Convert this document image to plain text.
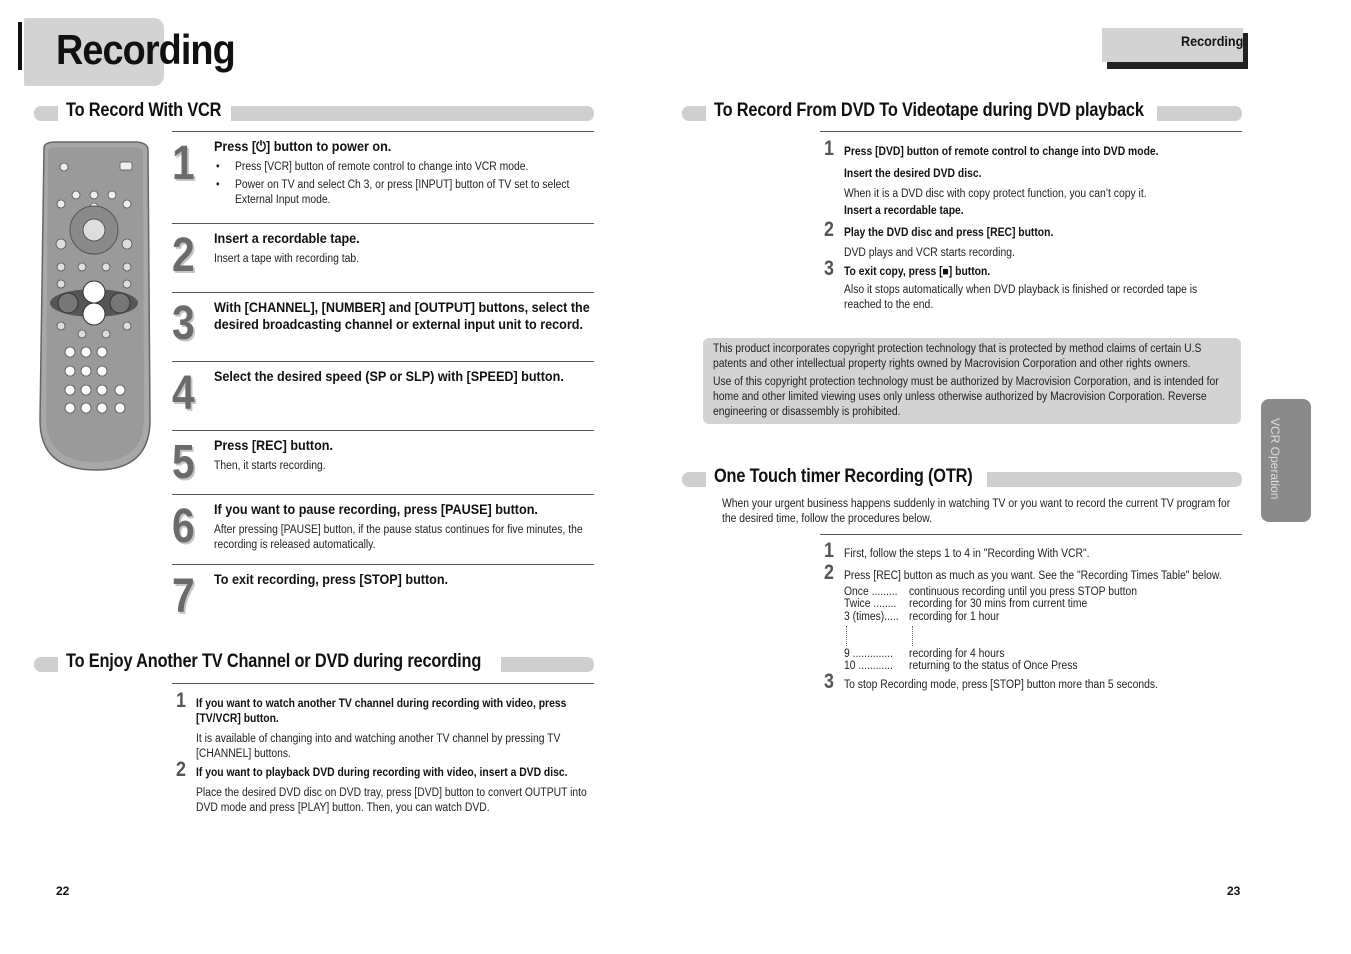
Recording	Recording
VCR Operation
To Record With VCR
1 Press [⏻] button to power on.
• Press [VCR] button of remote control to change into VCR mode.
• Power on TV and select Ch 3, or press [INPUT] button of TV set to select External Input mode.
2 Insert a recordable tape.
Insert a tape with recording tab.
3 With [CHANNEL], [NUMBER] and [OUTPUT] buttons, select the desired broadcasting channel or external input unit to record.
4 Select the desired speed (SP or SLP) with [SPEED] button.
5 Press [REC] button.
Then, it starts recording.
6 If you want to pause recording, press [PAUSE] button.
After pressing [PAUSE] button, if the pause status continues for five minutes, the recording is released automatically.
7 To exit recording, press [STOP] button.
To Enjoy Another TV Channel or DVD during recording
1 If you want to watch another TV channel during recording with video, press [TV/VCR] button.
It is available of changing into and watching another TV channel by pressing TV [CHANNEL] buttons.
2 If you want to playback DVD during recording with video, insert a DVD disc.
Place the desired DVD disc on DVD tray, press [DVD] button to convert OUTPUT into DVD mode and press [PLAY] button. Then, you can watch DVD.
22
To Record From DVD To Videotape during DVD playback
1 Press [DVD] button of remote control to change into DVD mode.
Insert the desired DVD disc.
When it is a DVD disc with copy protect function, you can’t copy it.
Insert a recordable tape.
2 Play the DVD disc and press [REC] button.
DVD plays and VCR starts recording.
3 To exit copy, press [■] button.
Also it stops automatically when DVD playback is finished or recorded tape is reached to the end.
This product incorporates copyright protection technology that is protected by method claims of certain U.S patents and other intellectual property rights owned by Macrovision Corporation and other rights owners.
Use of this copyright protection technology must be authorized by Macrovision Corporation, and is intended for home and other limited viewing uses only unless otherwise authorized by Macrovision Corporation. Reverse engineering or disassembly is prohibited.
One Touch timer Recording (OTR)
When your urgent business happens suddenly in watching TV or you want to record the current TV program for the desired time, follow the procedures below.
1 First, follow the steps 1 to 4 in "Recording With VCR".
2 Press [REC] button as much as you want. See the "Recording Times Table" below.
Once ......... continuous recording until you press STOP button
Twice ........ recording for 30 mins from current time
3 (times)..... recording for 1 hour
9 .............. recording for 4 hours
10 ............ returning to the status of Once Press
3 To stop Recording mode, press [STOP] button more than 5 seconds.
23
